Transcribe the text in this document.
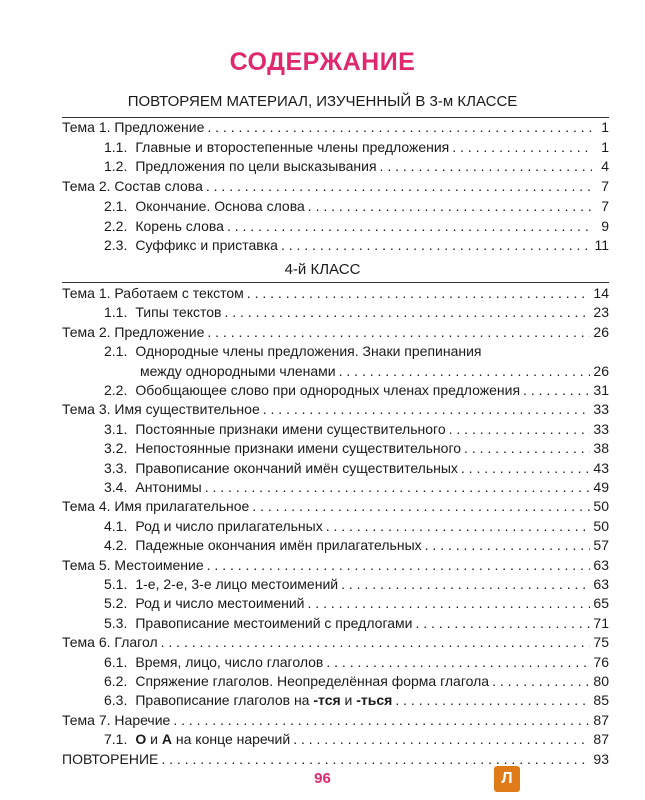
СОДЕРЖАНИЕ
ПОВТОРЯЕМ МАТЕРИАЛ, ИЗУЧЕННЫЙ В 3-м КЛАССЕ
Тема 1. Предложение . . .	1
1.1. Главные и второстепенные члены предложения . . .	1
1.2. Предложения по цели высказывания . . .	4
Тема 2. Состав слова . . .	7
2.1. Окончание. Основа слова . . .	7
2.2. Корень слова . . .	9
2.3. Суффикс и приставка . . .	11
4-й КЛАСС
Тема 1. Работаем с текстом . . .	14
1.1. Типы текстов . . .	23
Тема 2. Предложение . . .	26
2.1. Однородные члены предложения. Знаки препинания
между однородными членами . . .	26
2.2. Обобщающее слово при однородных членах предложения . . .	31
Тема 3. Имя существительное . . .	33
3.1. Постоянные признаки имени существительного . . .	33
3.2. Непостоянные признаки имени существительного . . .	38
3.3. Правописание окончаний имён существительных . . .	43
3.4. Антонимы . . .	49
Тема 4. Имя прилагательное . . .	50
4.1. Род и число прилагательных . . .	50
4.2. Падежные окончания имён прилагательных . . .	57
Тема 5. Местоимение . . .	63
5.1. 1-е, 2-е, 3-е лицо местоимений . . .	63
5.2. Род и число местоимений . . .	65
5.3. Правописание местоимений с предлогами . . .	71
Тема 6. Глагол . . .	75
6.1. Время, лицо, число глаголов . . .	76
6.2. Спряжение глаголов. Неопределённая форма глагола . . .	80
6.3. Правописание глаголов на -тся и -ться . . .	85
Тема 7. Наречие . . .	87
7.1. О и А на конце наречий . . .	87
ПОВТОРЕНИЕ . . .	93
96	Л
